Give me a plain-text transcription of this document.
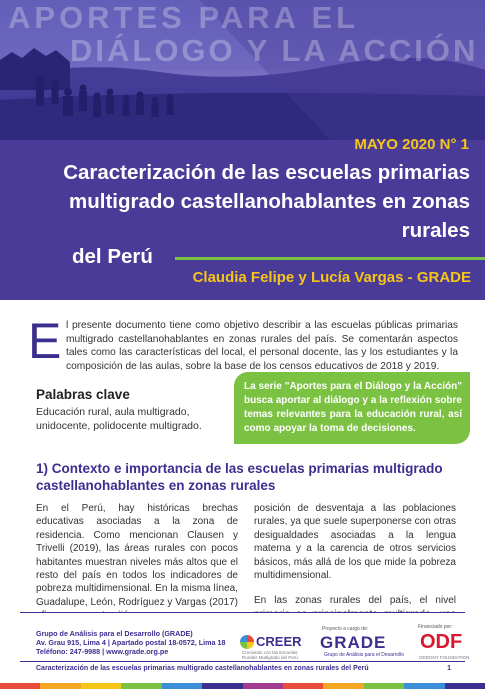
APORTES PARA EL
DIÁLOGO Y LA ACCIÓN
MAYO 2020 N° 1
Caracterización de las escuelas primarias multigrado castellanohablantes en zonas rurales
del Perú
Claudia Felipe y Lucía Vargas - GRADE
E l presente documento tiene como objetivo describir a las escuelas públicas primarias multigrado castellanohablantes en zonas rurales del país. Se comentarán aspectos tales como las características del local, el personal docente, las y los estudiantes y la composición de las aulas, sobre la base de los censos educativos de 2018 y 2019.
Palabras clave
Educación rural, aula multigrado, unidocente, polidocente multigrado.
La serie "Aportes para el Diálogo y la Acción" busca aportar al diálogo y a la reflexión sobre temas relevantes para la educación rural, así como apoyar la toma de decisiones.
1) Contexto e importancia de las escuelas primarias multigrado castellanohablantes en zonas rurales
En el Perú, hay históricas brechas educativas asociadas a la zona de residencia. Como mencionan Clausen y Trivelli (2019), las áreas rurales con pocos habitantes muestran niveles más altos que el resto del país en todos los indicadores de pobreza multidimensional. En la misma línea, Guadalupe, León, Rodríguez y Vargas (2017)

posición de desventaja a las poblaciones rurales, ya que suele superponerse con otras desigualdades asociadas a la lengua materna y a la carencia de otros servicios básicos, más allá de los que mide la pobreza multidimensional.

En las zonas rurales del país, el nivel

Grupo de Análisis para el Desarrollo (GRADE)
Av. Grau 915, Lima 4 | Apartado postal 18-0572, Lima 18
Teléfono: 247-9988 | www.grade.org.pe
Proyecto a cargo de:	Financiado por:
CREER
Creciendo con las Escuelas Rurales Multigrado del Perú
GRADE
Grupo de Análisis para el Desarrollo
ODF
ODDONY FOUNDATION
Caracterización de las escuelas primarias multigrado castellanohablantes en zonas rurales del Perú	1
